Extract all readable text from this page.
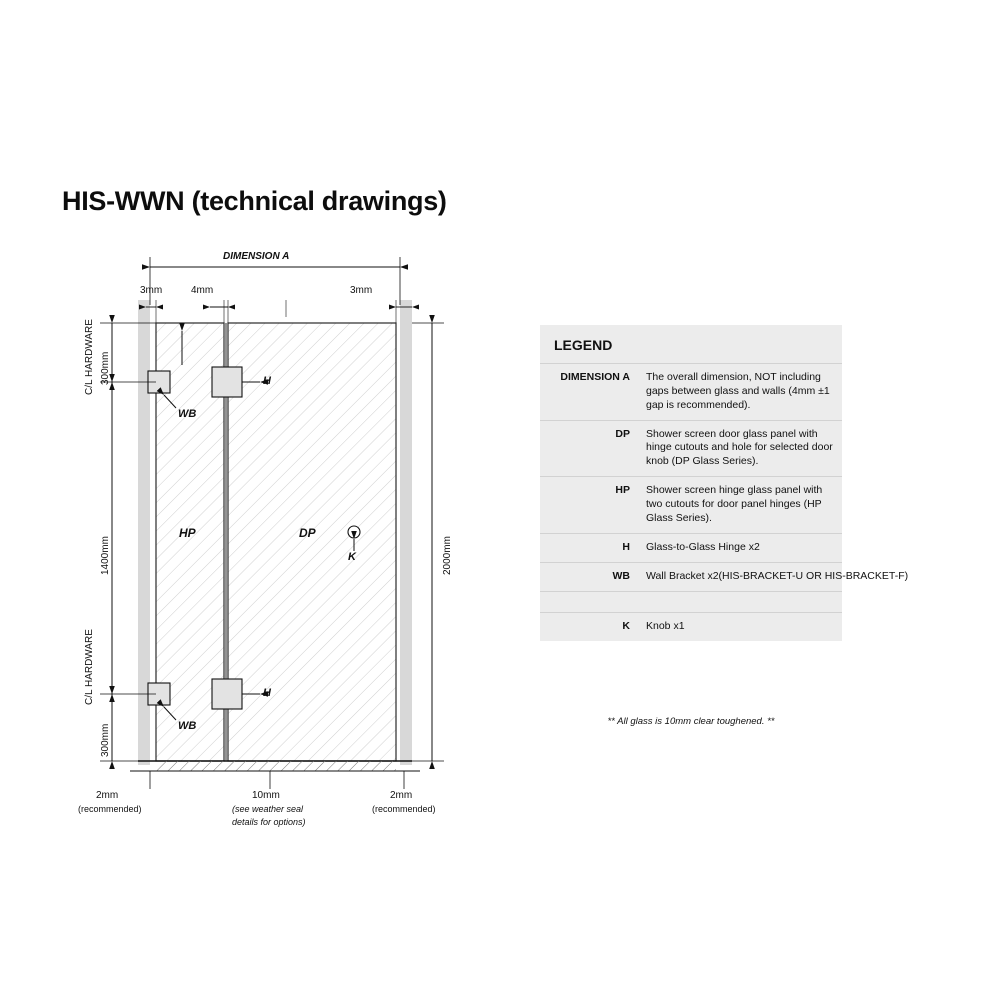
HIS-WWN (technical drawings)
DIMENSION A
3mm	4mm	3mm
C/L HARDWARE 300mm
1400mm
C/L HARDWARE
300mm
2000mm
HP	DP
K
H
H
WB
WB
2mm
(recommended)
10mm
(see weather seal
details for options)
2mm
(recommended)
LEGEND
DIMENSION A	The overall dimension, NOT including gaps between glass and walls (4mm ±1 gap is recommended).
DP	Shower screen door glass panel with hinge cutouts and hole for selected door knob (DP Glass Series).
HP	Shower screen hinge glass panel with two cutouts for door panel hinges (HP Glass Series).
H	Glass-to-Glass Hinge x2
WB	Wall Bracket x2(HIS-BRACKET-U OR HIS-BRACKET-F)
K	Knob x1
** All glass is 10mm clear toughened. **
